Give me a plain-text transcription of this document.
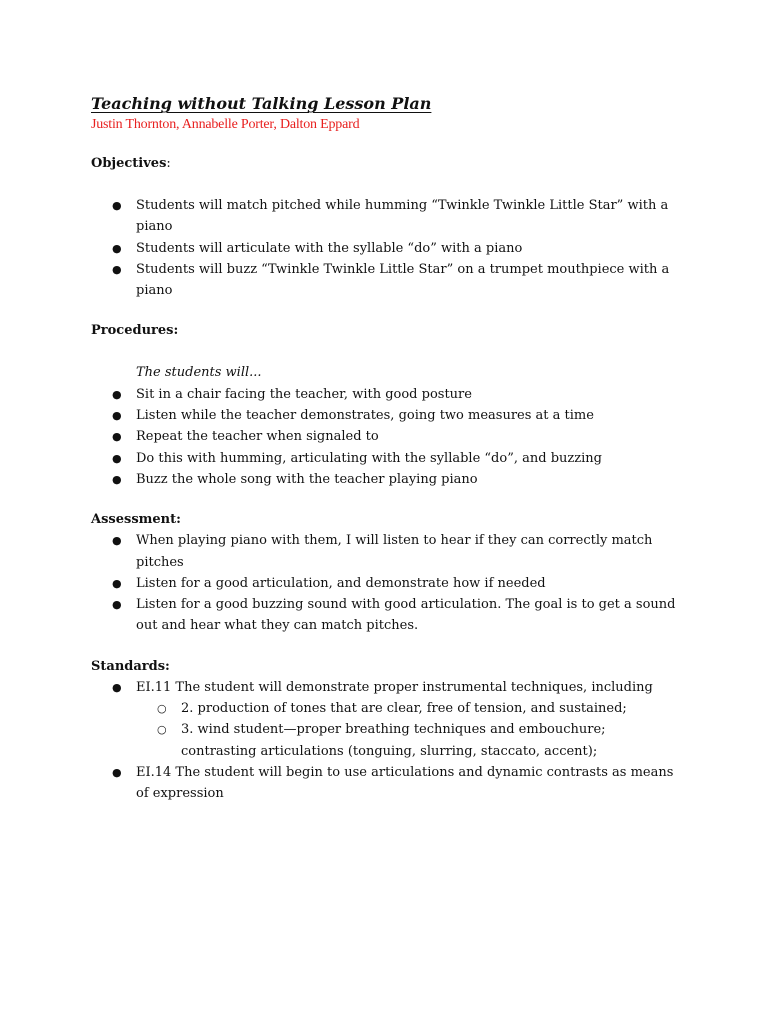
Teaching without Talking Lesson Plan

Justin Thornton, Annabelle Porter, Dalton Eppard

Objectives:

● Students will match pitched while humming “Twinkle Twinkle Little Star” with a piano
● Students will articulate with the syllable “do” with a piano
● Students will buzz “Twinkle Twinkle Little Star” on a trumpet mouthpiece with a piano

Procedures:

The students will...

● Sit in a chair facing the teacher, with good posture
● Listen while the teacher demonstrates, going two measures at a time
● Repeat the teacher when signaled to
● Do this with humming, articulating with the syllable “do”, and buzzing
● Buzz the whole song with the teacher playing piano

Assessment:

● When playing piano with them, I will listen to hear if they can correctly match pitches
● Listen for a good articulation, and demonstrate how if needed
● Listen for a good buzzing sound with good articulation. The goal is to get a sound out and hear what they can match pitches.

Standards:

● EI.11 The student will demonstrate proper instrumental techniques, including
○ 2. production of tones that are clear, free of tension, and sustained;
○ 3. wind student—proper breathing techniques and embouchure; contrasting articulations (tonguing, slurring, staccato, accent);
● EI.14 The student will begin to use articulations and dynamic contrasts as means of expression
